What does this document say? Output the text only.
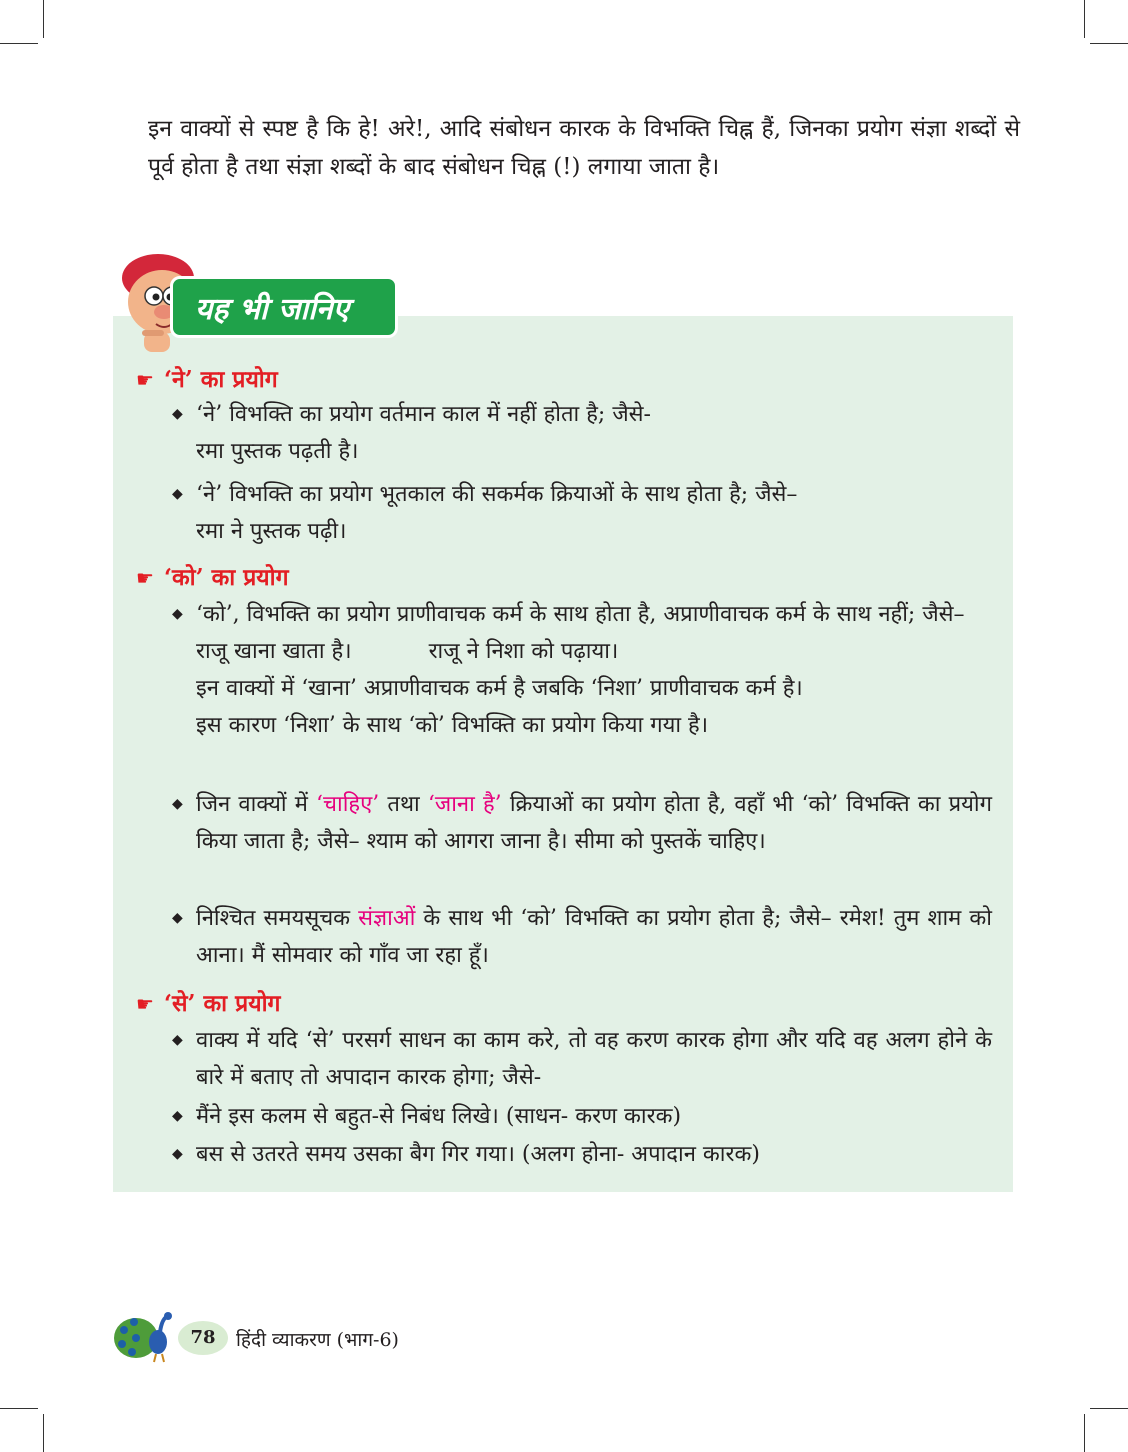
इन वाक्यों से स्पष्ट है कि हे! अरे!, आदि संबोधन कारक के विभक्ति चिह्न हैं, जिनका प्रयोग संज्ञा शब्दों से पूर्व होता है तथा संज्ञा शब्दों के बाद संबोधन चिह्न (!) लगाया जाता है।

यह भी जानिए
☛ ‘ने’ का प्रयोग
◆ ‘ने’ विभक्ति का प्रयोग वर्तमान काल में नहीं होता है; जैसे-
रमा पुस्तक पढ़ती है।
◆ ‘ने’ विभक्ति का प्रयोग भूतकाल की सकर्मक क्रियाओं के साथ होता है; जैसे–
रमा ने पुस्तक पढ़ी।
☛ ‘को’ का प्रयोग
◆ ‘को’, विभक्ति का प्रयोग प्राणीवाचक कर्म के साथ होता है, अप्राणीवाचक कर्म के साथ नहीं; जैसे–
राजू खाना खाता है।	राजू ने निशा को पढ़ाया।
इन वाक्यों में ‘खाना’ अप्राणीवाचक कर्म है जबकि ‘निशा’ प्राणीवाचक कर्म है।
इस कारण ‘निशा’ के साथ ‘को’ विभक्ति का प्रयोग किया गया है।
◆ जिन वाक्यों में ‘चाहिए’ तथा ‘जाना है’ क्रियाओं का प्रयोग होता है, वहाँ भी ‘को’ विभक्ति का प्रयोग किया जाता है; जैसे– श्याम को आगरा जाना है। सीमा को पुस्तकें चाहिए।
◆ निश्चित समयसूचक संज्ञाओं के साथ भी ‘को’ विभक्ति का प्रयोग होता है; जैसे– रमेश! तुम शाम को आना। मैं सोमवार को गाँव जा रहा हूँ।
☛ ‘से’ का प्रयोग
◆ वाक्य में यदि ‘से’ परसर्ग साधन का काम करे, तो वह करण कारक होगा और यदि वह अलग होने के बारे में बताए तो अपादान कारक होगा; जैसे-
◆ मैंने इस कलम से बहुत-से निबंध लिखे। (साधन- करण कारक)
◆ बस से उतरते समय उसका बैग गिर गया। (अलग होना- अपादान कारक)
78	हिंदी व्याकरण (भाग-6)
